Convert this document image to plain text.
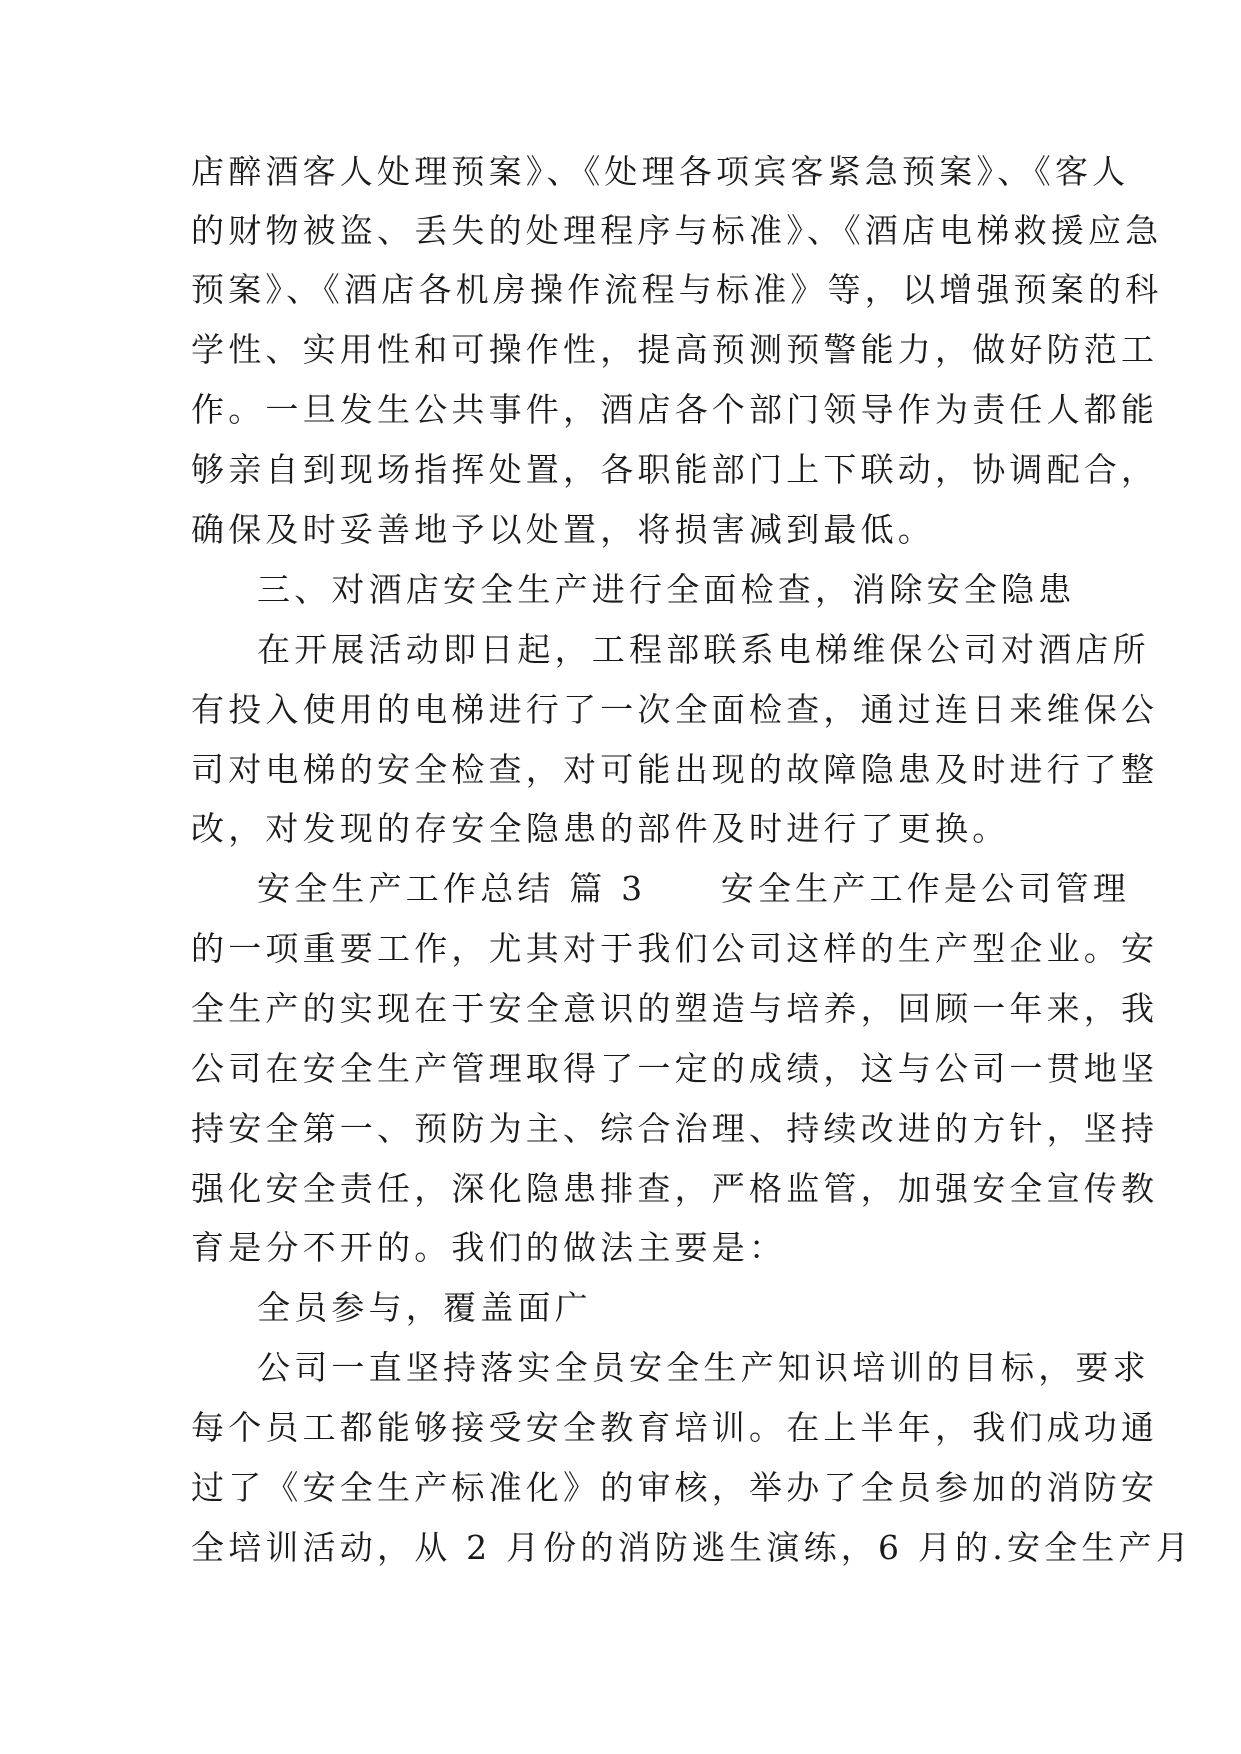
店醉酒客人处理预案》、《处理各项宾客紧急预案》、《客人

的财物被盗、丢失的处理程序与标准》、《酒店电梯救援应急

预案》、《酒店各机房操作流程与标准》等，以增强预案的科

学性、实用性和可操作性，提高预测预警能力，做好防范工

作。一旦发生公共事件，酒店各个部门领导作为责任人都能

够亲自到现场指挥处置，各职能部门上下联动，协调配合，

确保及时妥善地予以处置，将损害减到最低。

三、对酒店安全生产进行全面检查，消除安全隐患

在开展活动即日起，工程部联系电梯维保公司对酒店所

有投入使用的电梯进行了一次全面检查，通过连日来维保公

司对电梯的安全检查，对可能出现的故障隐患及时进行了整

改，对发现的存安全隐患的部件及时进行了更换。

安全生产工作总结 篇 3　　安全生产工作是公司管理

的一项重要工作，尤其对于我们公司这样的生产型企业。安

全生产的实现在于安全意识的塑造与培养，回顾一年来，我

公司在安全生产管理取得了一定的成绩，这与公司一贯地坚

持安全第一、预防为主、综合治理、持续改进的方针，坚持

强化安全责任，深化隐患排查，严格监管，加强安全宣传教

育是分不开的。我们的做法主要是：

全员参与，覆盖面广

公司一直坚持落实全员安全生产知识培训的目标，要求

每个员工都能够接受安全教育培训。在上半年，我们成功通

过了《安全生产标准化》的审核，举办了全员参加的消防安

全培训活动，从 2 月份的消防逃生演练，6 月的.安全生产月
